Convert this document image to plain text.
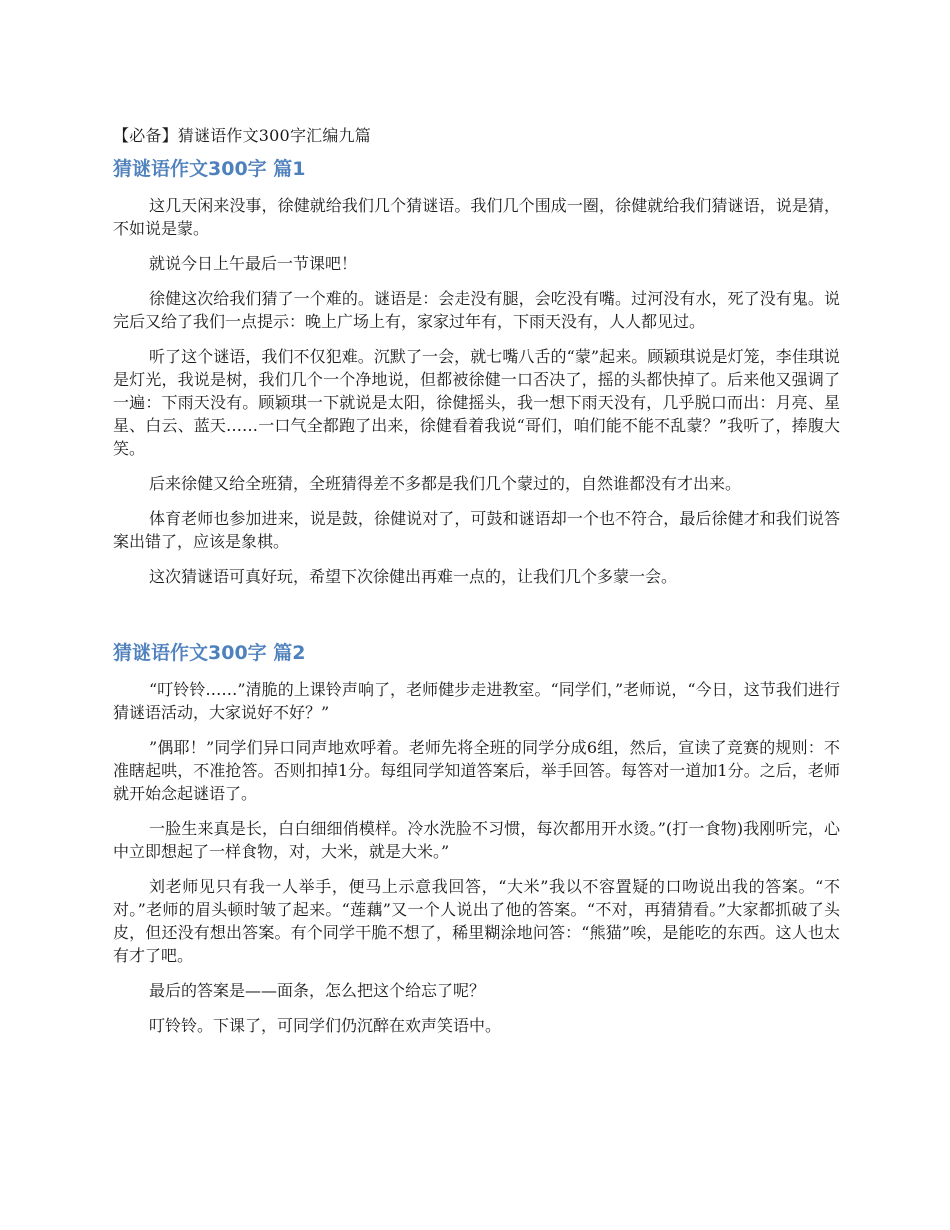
【必备】猜谜语作文300字汇编九篇
猜谜语作文300字 篇1

这几天闲来没事，徐健就给我们几个猜谜语。我们几个围成一圈，徐健就给我们猜谜语，说是猜，不如说是蒙。

就说今日上午最后一节课吧！

徐健这次给我们猜了一个难的。谜语是：会走没有腿，会吃没有嘴。过河没有水，死了没有鬼。说完后又给了我们一点提示：晚上广场上有，家家过年有，下雨天没有，人人都见过。

听了这个谜语，我们不仅犯难。沉默了一会，就七嘴八舌的“蒙”起来。顾颖琪说是灯笼，李佳琪说是灯光，我说是树，我们几个一个净地说，但都被徐健一口否决了，摇的头都快掉了。后来他又强调了一遍：下雨天没有。顾颖琪一下就说是太阳，徐健摇头，我一想下雨天没有，几乎脱口而出：月亮、星星、白云、蓝天……一口气全都跑了出来，徐健看着我说“哥们，咱们能不能不乱蒙？”我听了，捧腹大笑。

后来徐健又给全班猜，全班猜得差不多都是我们几个蒙过的，自然谁都没有才出来。

体育老师也参加进来，说是鼓，徐健说对了，可鼓和谜语却一个也不符合，最后徐健才和我们说答案出错了，应该是象棋。

这次猜谜语可真好玩，希望下次徐健出再难一点的，让我们几个多蒙一会。

猜谜语作文300字 篇2

“叮铃铃……”清脆的上课铃声响了，老师健步走进教室。“同学们，”老师说，“今日，这节我们进行猜谜语活动，大家说好不好？”

”偶耶！”同学们异口同声地欢呼着。老师先将全班的同学分成6组，然后，宣读了竞赛的规则：不准瞎起哄，不准抢答。否则扣掉1分。每组同学知道答案后，举手回答。每答对一道加1分。之后，老师就开始念起谜语了。

一脸生来真是长，白白细细俏模样。冷水洗脸不习惯，每次都用开水烫。”(打一食物)我刚听完，心中立即想起了一样食物，对，大米，就是大米。”

刘老师见只有我一人举手，便马上示意我回答，“大米”我以不容置疑的口吻说出我的答案。“不对。”老师的眉头顿时皱了起来。“莲藕”又一个人说出了他的答案。“不对，再猜猜看。”大家都抓破了头皮，但还没有想出答案。有个同学干脆不想了，稀里糊涂地问答：“熊猫”唉，是能吃的东西。这人也太有才了吧。

最后的答案是——面条，怎么把这个给忘了呢？

叮铃铃。下课了，可同学们仍沉醉在欢声笑语中。
